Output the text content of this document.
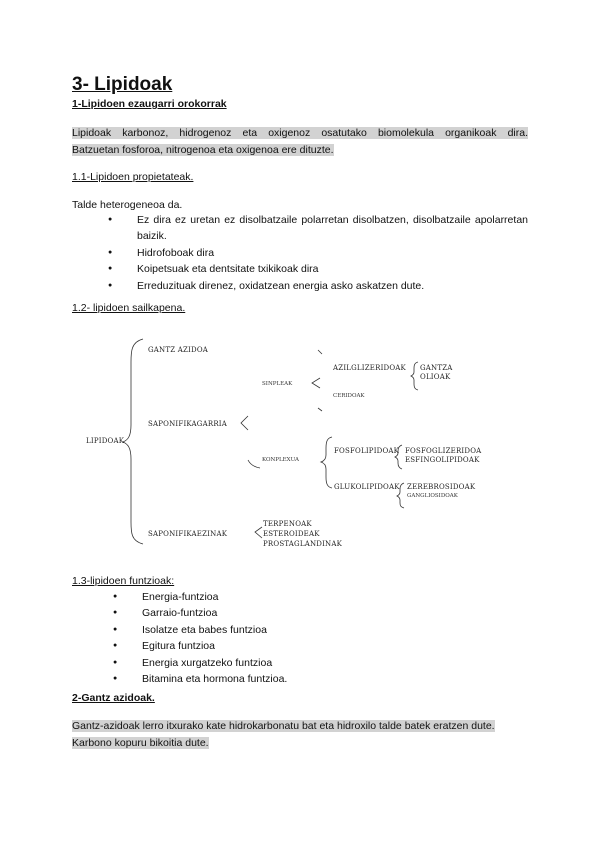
3- Lipidoak
1-Lipidoen ezaugarri orokorrak
Lipidoak karbonoz, hidrogenoz eta oxigenoz osatutako biomolekula organikoak dira.
Batzuetan fosforoa, nitrogenoa eta oxigenoa ere dituzte.
1.1-Lipidoen propietateak.
Talde heterogeneoa da.
● Ez dira ez uretan ez disolbatzaile polarretan disolbatzen, disolbatzaile apolarretan baizik.
● Hidrofoboak dira
● Koipetsuak eta dentsitate txikikoak dira
● Erreduzituak direnez, oxidatzean energia asko askatzen dute.
1.2- lipidoen sailkapena.
LIPIDOAK
GANTZ AZIDOA
SAPONIFIKAGARRIA
SINPLEAK
AZILGLIZERIDOAK GANTZA
OLIOAK
CERIDOAK
KONPLEXUA
FOSFOLIPIDOAK FOSFOGLIZERIDOA
ESFINGOLIPIDOAK
GLUKOLIPIDOAK ZEREBROSIDOAK
GANGLIOSIDOAK
SAPONIFIKAEZINAK
TERPENOAK
ESTEROIDEAK
PROSTAGLANDINAK
1.3-lipidoen funtzioak:
● Energia-funtzioa
● Garraio-funtzioa
● Isolatze eta babes funtzioa
● Egitura funtzioa
● Energia xurgatzeko funtzioa
● Bitamina eta hormona funtzioa.
2-Gantz azidoak.
Gantz-azidoak lerro itxurako kate hidrokarbonatu bat eta hidroxilo talde batek eratzen dute.
Karbono kopuru bikoitia dute.
